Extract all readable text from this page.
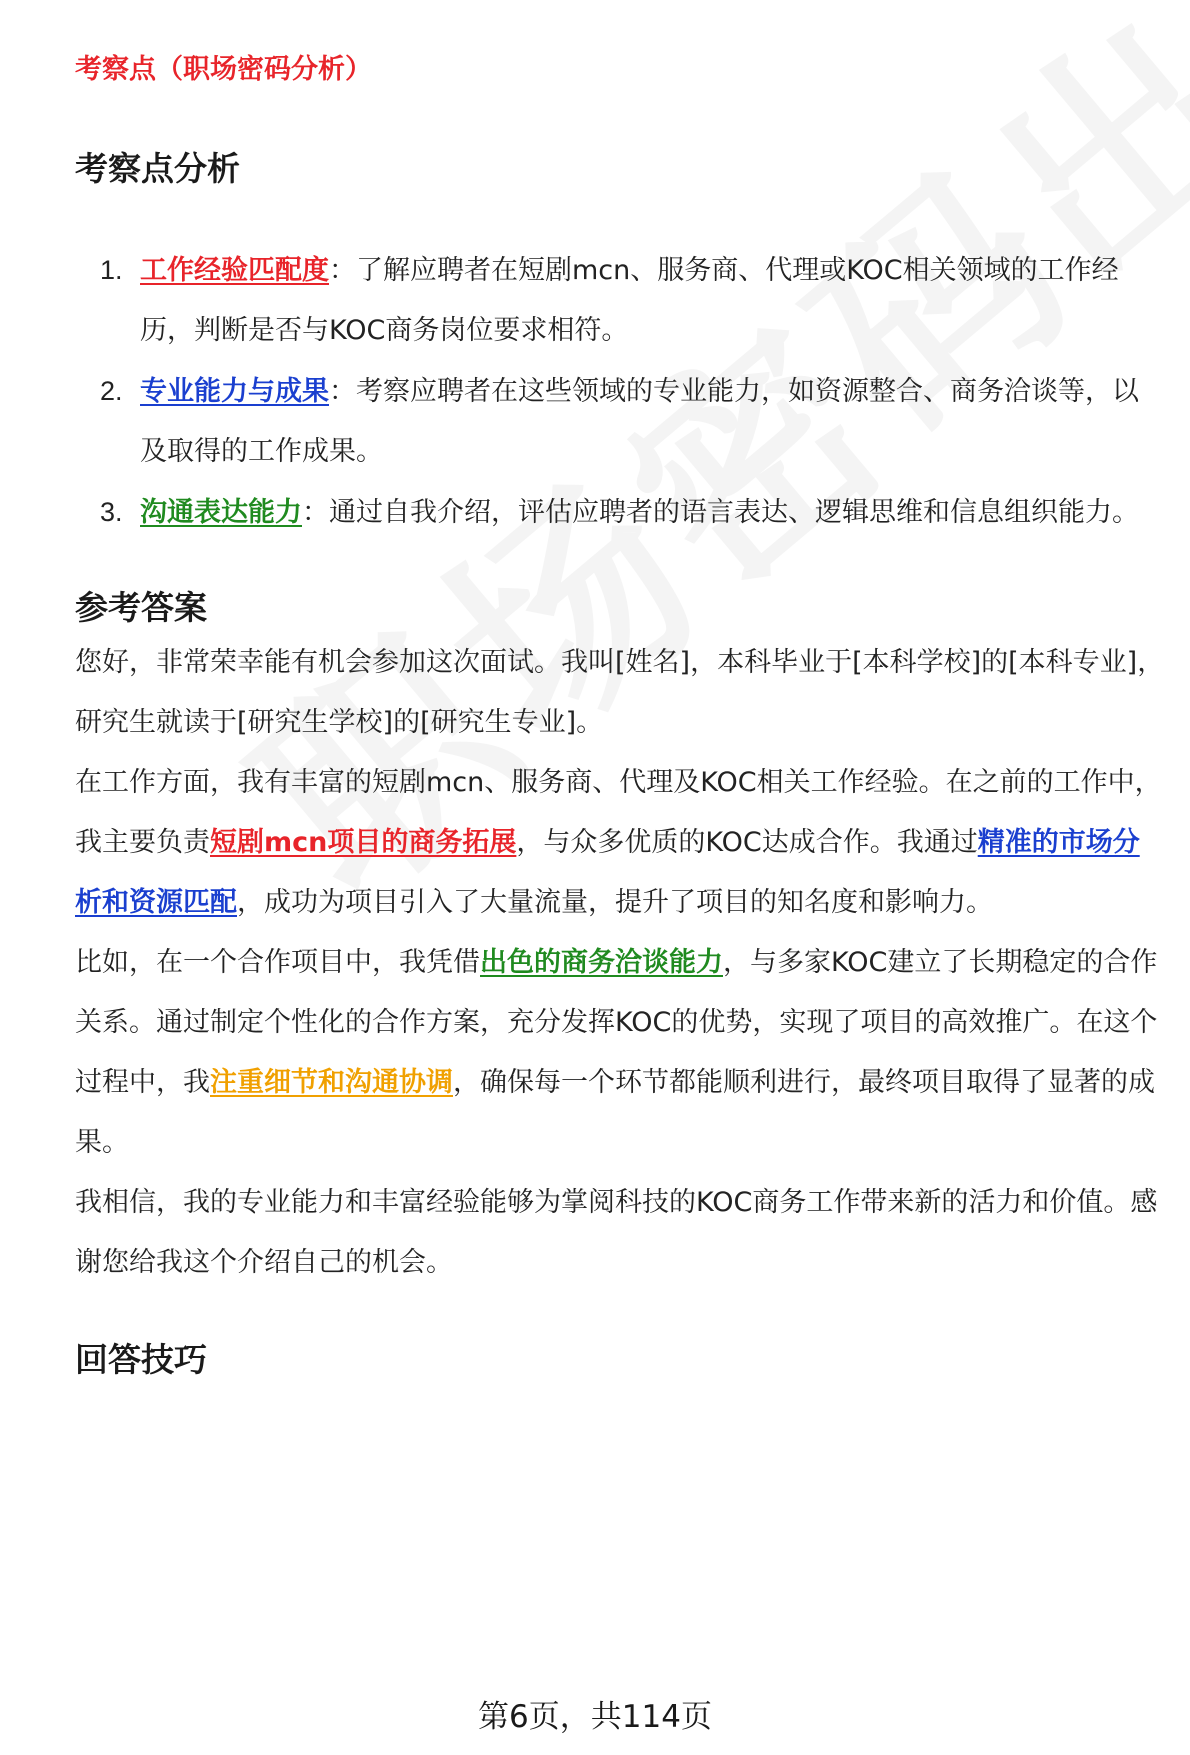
考察点（职场密码分析）

考察点分析
1. 工作经验匹配度：了解应聘者在短剧mcn、服务商、代理或KOC相关领域的工作经历，判断是否与KOC商务岗位要求相符。
2. 专业能力与成果：考察应聘者在这些领域的专业能力，如资源整合、商务洽谈等，以及取得的工作成果。
3. 沟通表达能力：通过自我介绍，评估应聘者的语言表达、逻辑思维和信息组织能力。
参考答案

您好，非常荣幸能有机会参加这次面试。我叫[姓名]，本科毕业于[本科学校]的[本科专业]，研究生就读于[研究生学校]的[研究生专业]。

在工作方面，我有丰富的短剧mcn、服务商、代理及KOC相关工作经验。在之前的工作中，我主要负责短剧mcn项目的商务拓展，与众多优质的KOC达成合作。我通过精准的市场分析和资源匹配，成功为项目引入了大量流量，提升了项目的知名度和影响力。

比如，在一个合作项目中，我凭借出色的商务洽谈能力，与多家KOC建立了长期稳定的合作关系。通过制定个性化的合作方案，充分发挥KOC的优势，实现了项目的高效推广。在这个过程中，我注重细节和沟通协调，确保每一个环节都能顺利进行，最终项目取得了显著的成果。

我相信，我的专业能力和丰富经验能够为掌阅科技的KOC商务工作带来新的活力和价值。感谢您给我这个介绍自己的机会。

回答技巧
第6页，共114页
